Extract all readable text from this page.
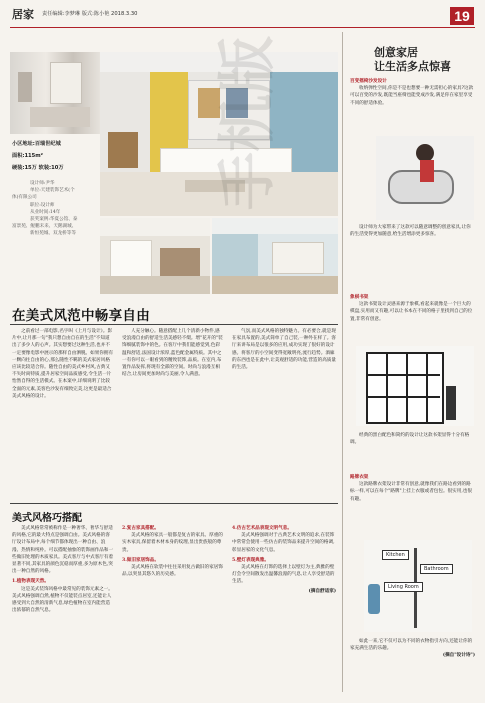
居家 责任编辑:李梦琳 版式:陈小艳 2018.3.30	19
小区地址:百瑞世纪城
面积:115m²
硬装:15万 软装:10万
设计师:尹华
单位:天建装饰艺术(个
体)有限公司
职位:设计师
从业时间:14年
获奖案例:华夏公馆、泰
富景苑、鲲鹏未来、天鹅湖城、
新恒苑城、双龙桥等等
在美式风范中畅享自由

之前看过一部电影,名字叫《上月与设计》。影片中,让月那一句"我只想自由自在的生活"不知道出了多少人的心声。其实想要过这种生活,也并不一定要像电影中展示的那样自由洒脱。如果你拥有一颗向往自由的心,那么随性不羁的美式家居风格应该比较适合你。随性自由的美式乡村风,古典又不失时尚特质,提升居家空间品质感受,令生活一片怡然自得的生活模式。在本案中,详细说明了比较全面的元素,美客色沙发有细致完美,这更是最适合美式风格的设计。

人充分触心。随意搭配上几个清新小物件,感受浪漫自由的舒适生活美感轻不缀。增"花开的"装饰细腻装饰中的色。在客厅中我们能感觉到,色彩温和舒适,法国设计浓厚,蓝色配金属特质。其中之一有你可以一眼看到的精致装饰,品质。在室内,布置作品发挥,将现有全部的空间。时尚与浪漫互相结合,让房间更加时尚与美丽,令人满意。

气氛,而美式风格的独特魅力。有必要合,就是现在家具布置的,美式简单了自己装,一种外在样了。客厅来讲布局是以很多的应用,成功实现了很好的设计感。将客厅的小空间变得宽敞明亮,流行趋势。酒廊的东西也是在此中,让美观舒适的功能,营造的高质量的生活。

手机版
美式风格巧搭配

美式风格常常被称作是一种奢华、奢华与舒适的风格,它的最大特点是强调自由。美式风格的客厅设计布局中,每个细节都体现出一种自由、浪漫、热情和纯朴。可以搭配抽象的装饰画作品和一些做旧处理的木质家具。美式客厅与中式客厅有着显著不同,其家具的颜色沉稳而厚重,多为原木色,突出一种自然的风格。

1.植物表现天然。

这是美式装饰风格中最常见的装饰元素之一。美式风格强调自然,植物不仅能装点居室,还能让人感受到大自然的清新气息,绿色植物在室内能营造出浓郁的自然气息。

2.复古家具搭配。

美式风格的家具一般都是复古的家具。厚重的实木家具,保留着木材本身的纹理,显出贵族般的尊贵。

3.做旧家居饰品。

美式风格在软装中往往采用复古做旧的家居饰品,以突显其悠久的历史感。

4.仿古艺术品表现文明气息。

美式风格强调对于古典艺术文明的追求,在装饰中常常会使用一些仿古的装饰品来提升空间的格调,彰显居家的文化气息。

5.壁灯表现典雅。

美式风格在灯饰的选择上以壁灯为主,典雅的壁灯会令空间散发出温馨浪漫的气息,让人享受舒适的生活。

(摘自舒适家)
创意家居
让生活多点惊喜
百变摇椅沙发设计
收纳弹性空间,你是不是也想要一种无需担心的家具?这款可以百变的沙发,既能当座椅也能变成沙发,满足你在家里享受不同的舒适体验。
设计师为大家带来了这款可以随意调整的创意家具,让你的生活变得更加随意,给生活增添更多惊喜。
象棋书架
这款书架设计灵感来源于象棋,看起来就像是一个巨大的棋盘,实用而又有趣,可以让书本在不同的格子里找到自己的位置,非常有创意。
经典的黑白配色和简约的设计让这款书架显得十分有格调。
路牌衣架
这款路牌衣架设计非常有创意,就像我们在路边看到的路标一样,可以在每个"路牌"上挂上衣服或者包包。很实用,也很有趣。
Kitchen
Bathroom
Living Room
如此一来,它不仅可以为不同的衣物指引方向,还能让你的家充满生活的乐趣。
(摘自"设计诗")
